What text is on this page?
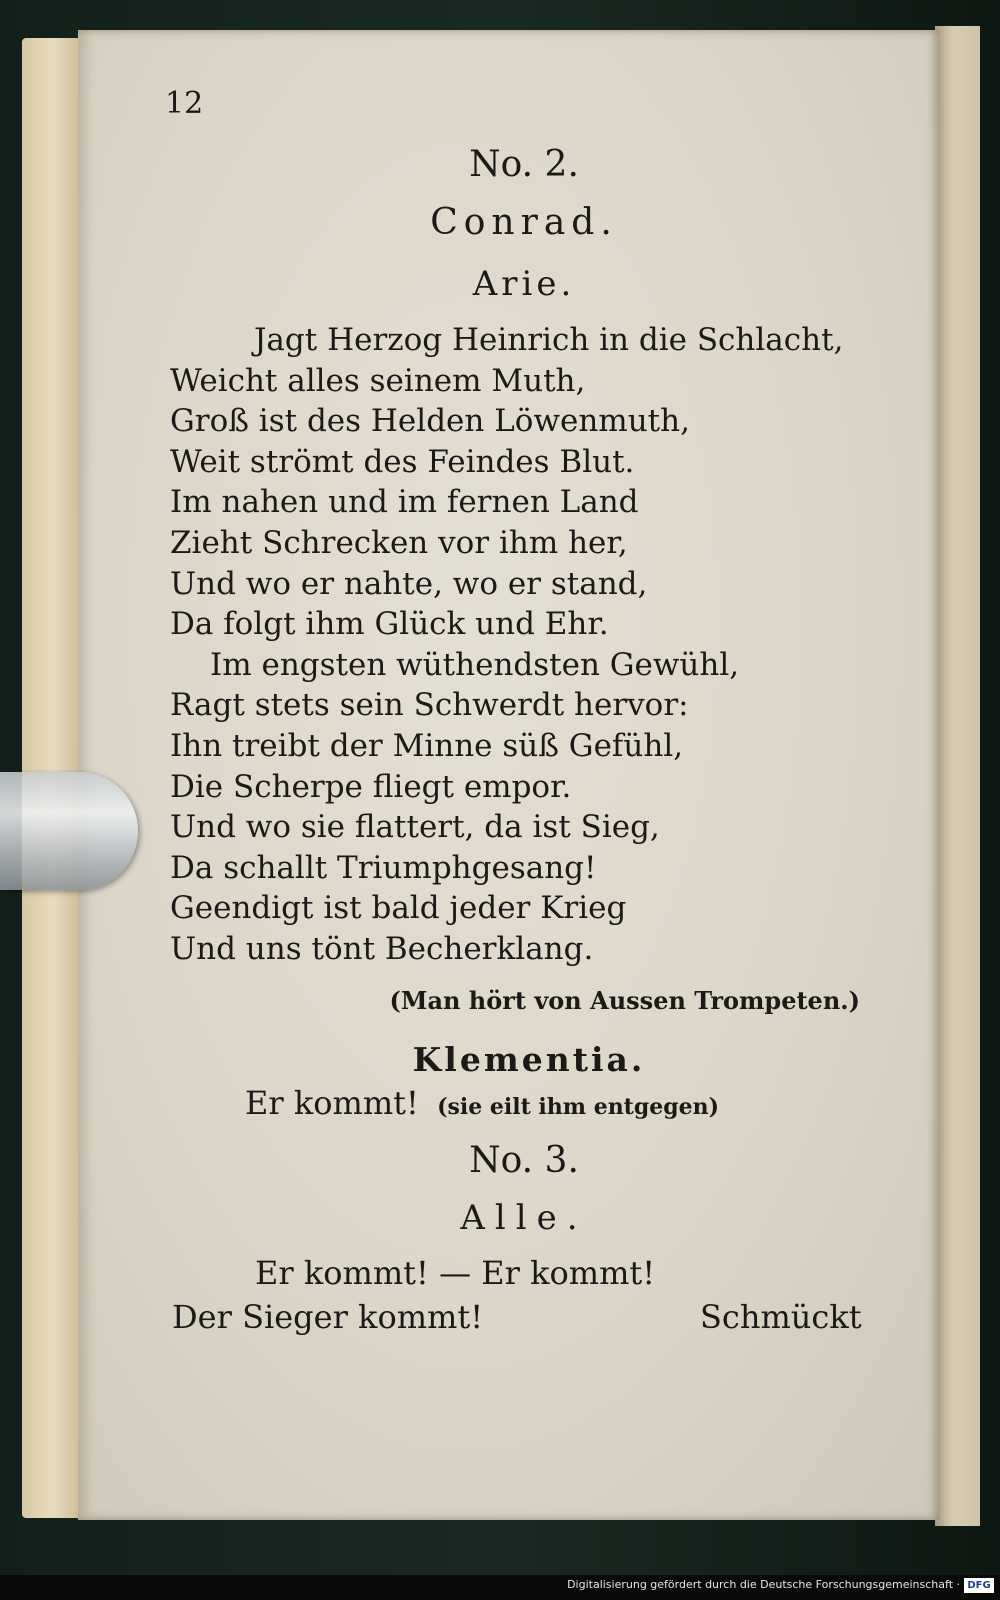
12
No. 2.
Conrad.
Arie.
Jagt Herzog Heinrich in die Schlacht,
Weicht alles seinem Muth,
Groß ist des Helden Löwenmuth,
Weit strömt des Feindes Blut.
Im nahen und im fernen Land
Zieht Schrecken vor ihm her,
Und wo er nahte, wo er stand,
Da folgt ihm Glück und Ehr.
Im engsten wüthendsten Gewühl,
Ragt stets sein Schwerdt hervor:
Ihn treibt der Minne süß Gefühl,
Die Scherpe fliegt empor.
Und wo sie flattert, da ist Sieg,
Da schallt Triumphgesang!
Geendigt ist bald jeder Krieg
Und uns tönt Becherklang.
(Man hört von Aussen Trompeten.)
Klementia.
Er kommt! (sie eilt ihm entgegen)
No. 3.
Alle.
Er kommt! — Er kommt!
Der Sieger kommt!	Schmückt
Digitalisierung gefördert durch die Deutsche Forschungsgemeinschaft · DFG
